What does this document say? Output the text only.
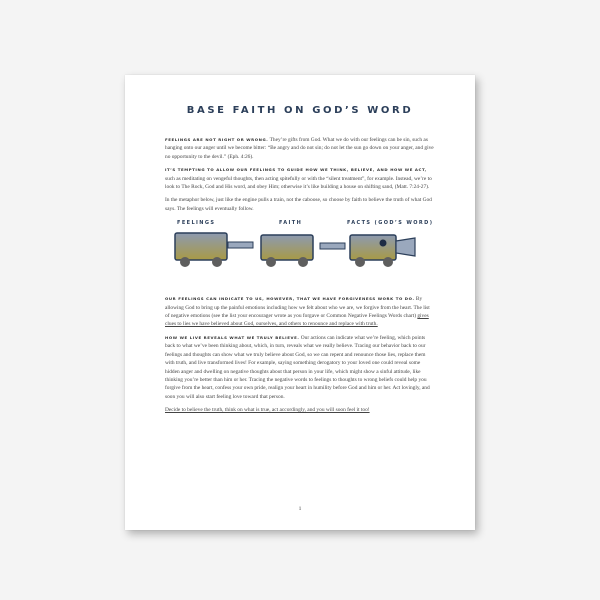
BASE FAITH ON GOD’S WORD

FEELINGS ARE NOT RIGHT OR WRONG. They’re gifts from God. What we do with our feelings can be sin, such as hanging onto our anger until we become bitter: “Be angry and do not sin; do not let the sun go down on your anger, and give no opportunity to the devil.” (Eph. 4:26).

IT’S TEMPTING TO ALLOW OUR FEELINGS TO GUIDE HOW WE THINK, BELIEVE, AND HOW WE ACT, such as meditating on vengeful thoughts, then acting spitefully or with the “silent treatment”, for example. Instead, we’re to look to The Rock, God and His word, and obey Him; otherwise it’s like building a house on shifting sand, (Matt. 7:24-27).

In the metaphor below, just like the engine pulls a train, not the caboose, so choose by faith to believe the truth of what God says. The feelings will eventually follow.

FEELINGS	FAITH	FACTS (GOD’S WORD)

OUR FEELINGS CAN INDICATE TO US, HOWEVER, THAT WE HAVE FORGIVENESS WORK TO DO. By allowing God to bring up the painful emotions including how we felt about who we are, we forgive from the heart. The list of negative emotions (see the list your encourager wrote as you forgave or Common Negative Feelings Words chart) gives clues to lies we have believed about God, ourselves, and others to renounce and replace with truth.

HOW WE LIVE REVEALS WHAT WE TRULY BELIEVE. Our actions can indicate what we’re feeling, which points back to what we’ve been thinking about, which, in turn, reveals what we really believe. Tracing our behavior back to our feelings and thoughts can show what we truly believe about God, so we can repent and renounce those lies, replace them with truth, and live transformed lives! For example, saying something derogatory to your loved one could reveal some hidden anger and dwelling on negative thoughts about that person in your life, which might show a sinful attitude, like thinking you’re better than him or her. Tracing the negative words to feelings to thoughts to wrong beliefs could help you forgive from the heart, confess your own pride, realign your heart in humility before God and him or her. Act lovingly, and soon you will also start feeling love toward that person.

Decide to believe the truth, think on what is true, act accordingly, and you will soon feel it too!

1
